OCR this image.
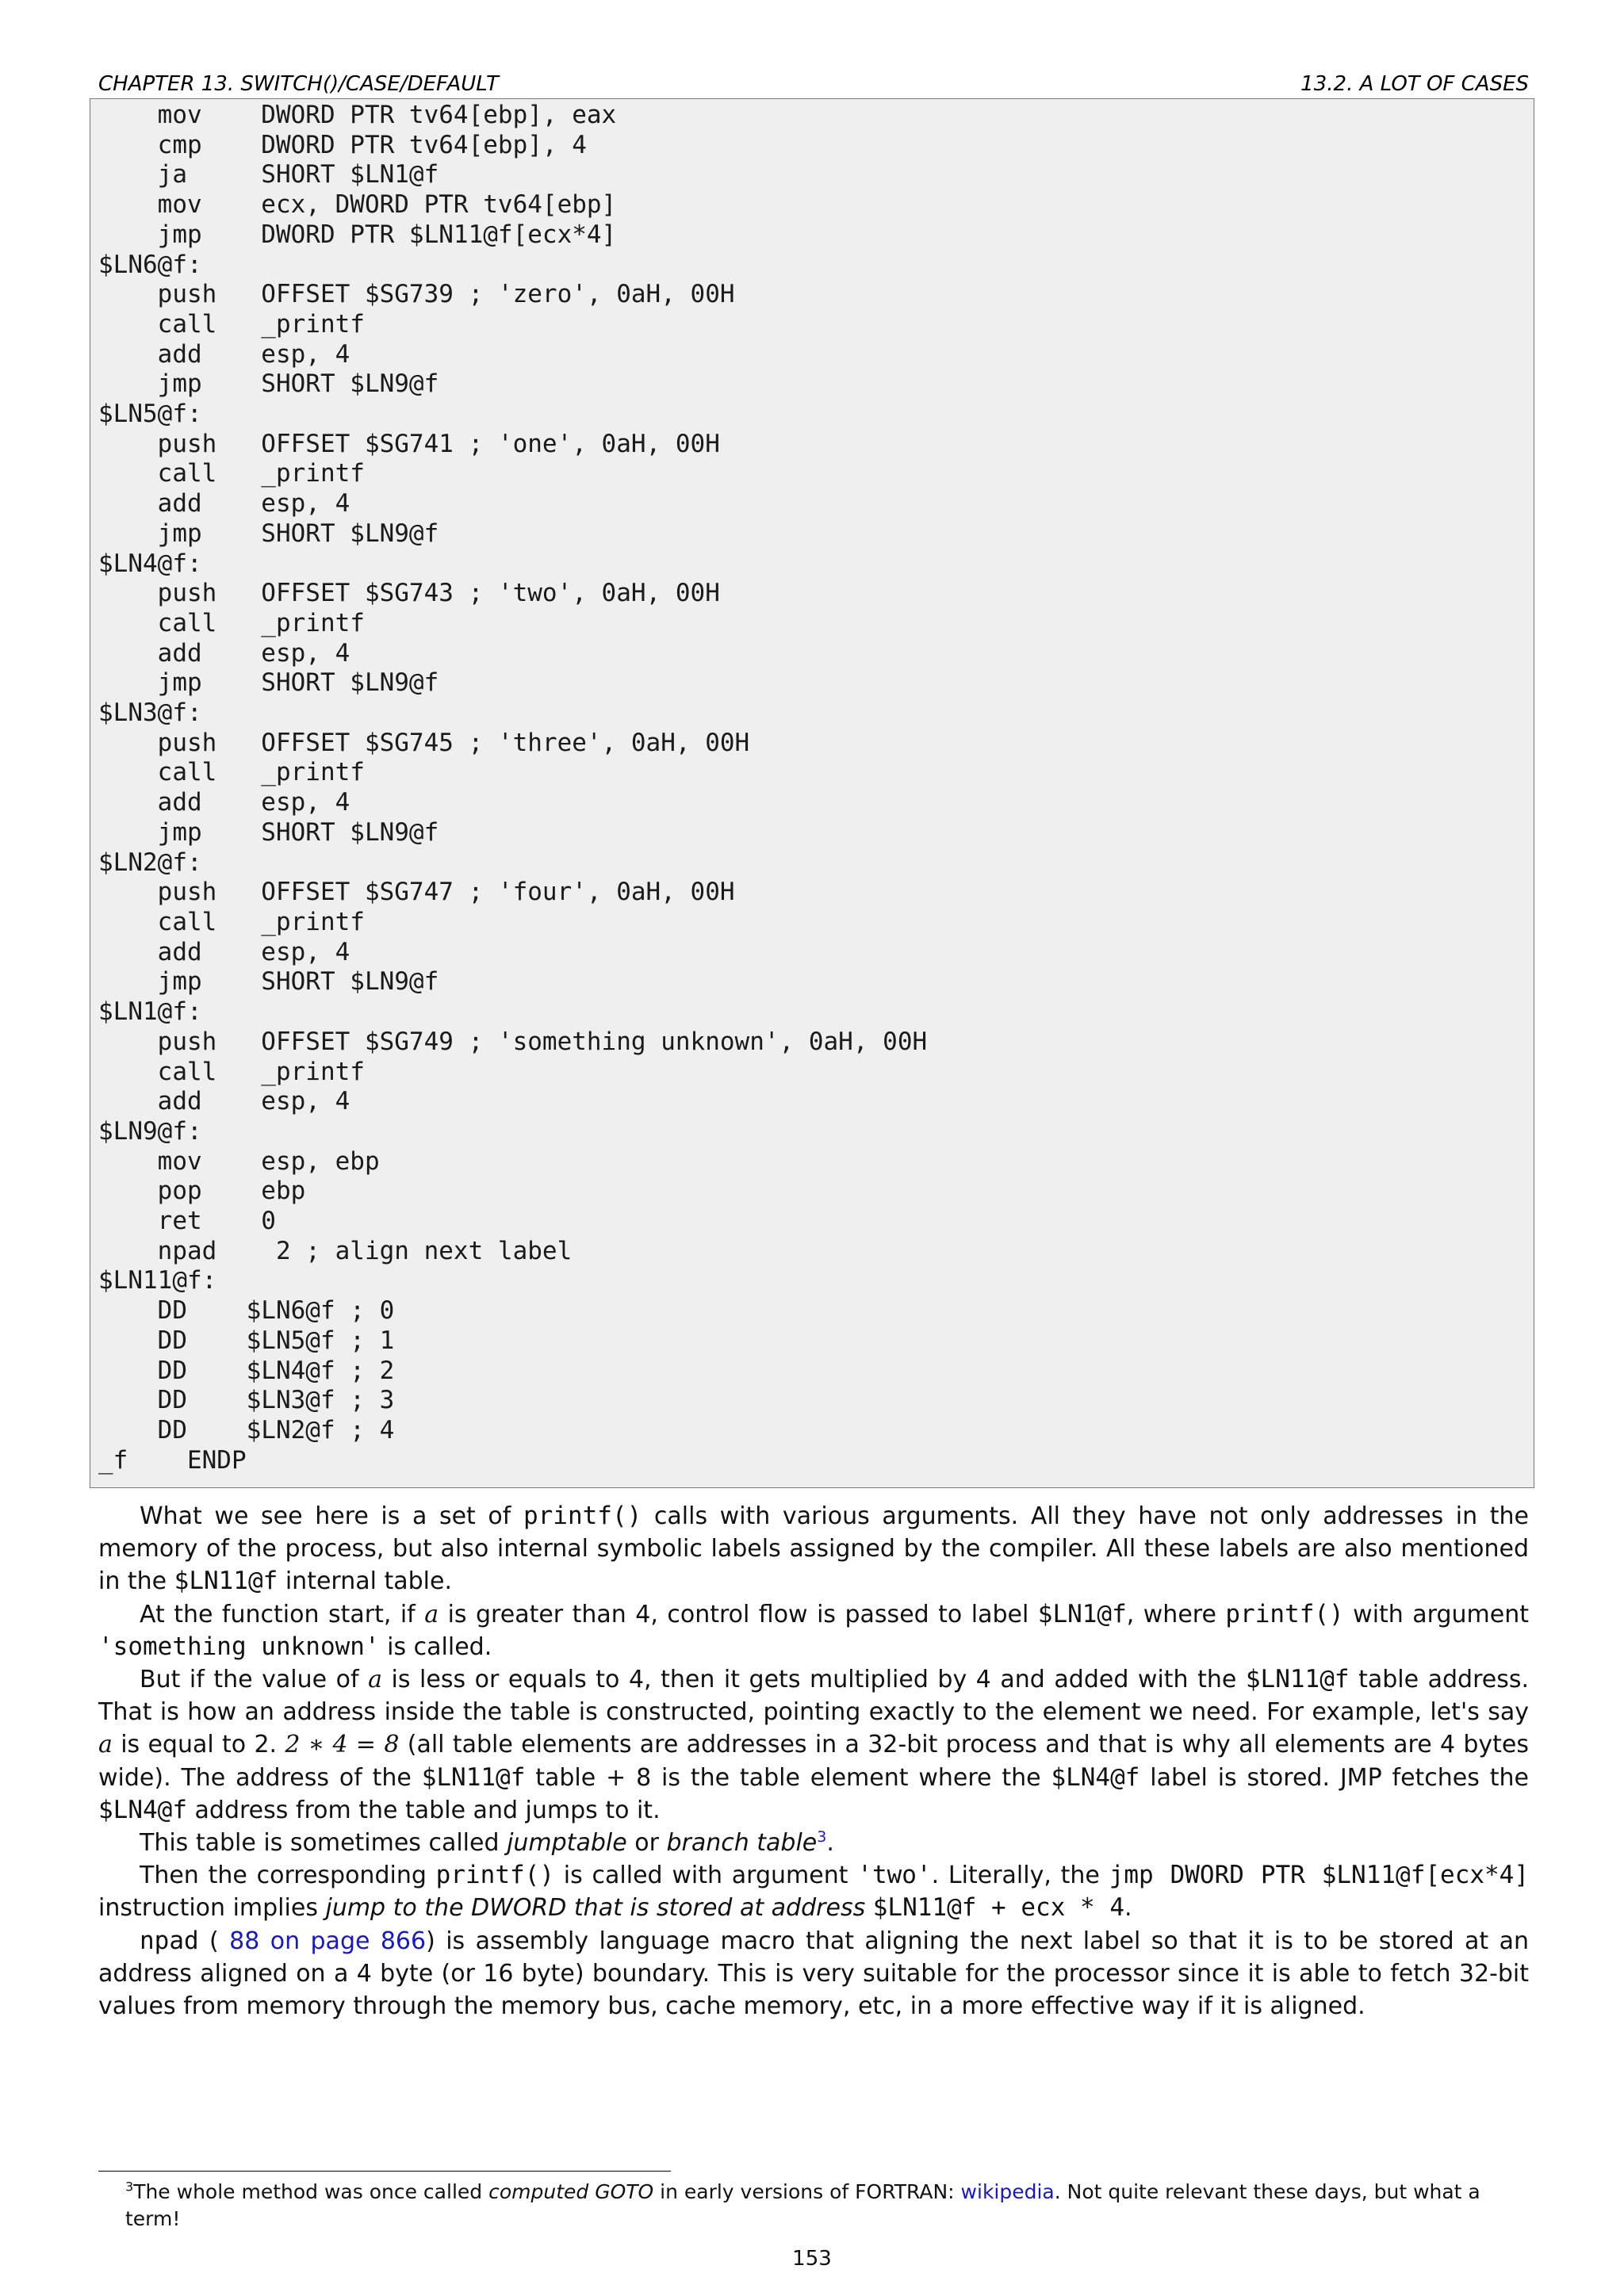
CHAPTER 13. SWITCH()/CASE/DEFAULT	13.2. A LOT OF CASES
mov    DWORD PTR tv64[ebp], eax
cmp    DWORD PTR tv64[ebp], 4
ja     SHORT $LN1@f
mov    ecx, DWORD PTR tv64[ebp]
jmp    DWORD PTR $LN11@f[ecx*4]
$LN6@f:
push   OFFSET $SG739 ; 'zero', 0aH, 00H
call   _printf
add    esp, 4
jmp    SHORT $LN9@f
$LN5@f:
push   OFFSET $SG741 ; 'one', 0aH, 00H
call   _printf
add    esp, 4
jmp    SHORT $LN9@f
$LN4@f:
push   OFFSET $SG743 ; 'two', 0aH, 00H
call   _printf
add    esp, 4
jmp    SHORT $LN9@f
$LN3@f:
push   OFFSET $SG745 ; 'three', 0aH, 00H
call   _printf
add    esp, 4
jmp    SHORT $LN9@f
$LN2@f:
push   OFFSET $SG747 ; 'four', 0aH, 00H
call   _printf
add    esp, 4
jmp    SHORT $LN9@f
$LN1@f:
push   OFFSET $SG749 ; 'something unknown', 0aH, 00H
call   _printf
add    esp, 4
$LN9@f:
mov    esp, ebp
pop    ebp
ret    0
npad    2 ; align next label
$LN11@f:
DD    $LN6@f ; 0
DD    $LN5@f ; 1
DD    $LN4@f ; 2
DD    $LN3@f ; 3
DD    $LN2@f ; 4
_f    ENDP

What we see here is a set of printf() calls with various arguments. All they have not only addresses in the memory of the process, but also internal symbolic labels assigned by the compiler. All these labels are also mentioned in the $LN11@f internal table.

At the function start, if a is greater than 4, control flow is passed to label $LN1@f, where printf() with argument 'something unknown' is called.

But if the value of a is less or equals to 4, then it gets multiplied by 4 and added with the $LN11@f table address. That is how an address inside the table is constructed, pointing exactly to the element we need. For example, let's say a is equal to 2. 2 ∗ 4 = 8 (all table elements are addresses in a 32-bit process and that is why all elements are 4 bytes wide). The address of the $LN11@f table + 8 is the table element where the $LN4@f label is stored. JMP fetches the $LN4@f address from the table and jumps to it.

This table is sometimes called jumptable or branch table$^3$.

Then the corresponding printf() is called with argument 'two'. Literally, the jmp DWORD PTR $LN11@f[ecx*4] instruction implies jump to the DWORD that is stored at address $LN11@f + ecx * 4.

npad ( 88 on page 866) is assembly language macro that aligning the next label so that it is to be stored at an address aligned on a 4 byte (or 16 byte) boundary. This is very suitable for the processor since it is able to fetch 32-bit values from memory through the memory bus, cache memory, etc, in a more effective way if it is aligned.

$^3$The whole method was once called computed GOTO in early versions of FORTRAN: wikipedia. Not quite relevant these days, but what a term!
153
